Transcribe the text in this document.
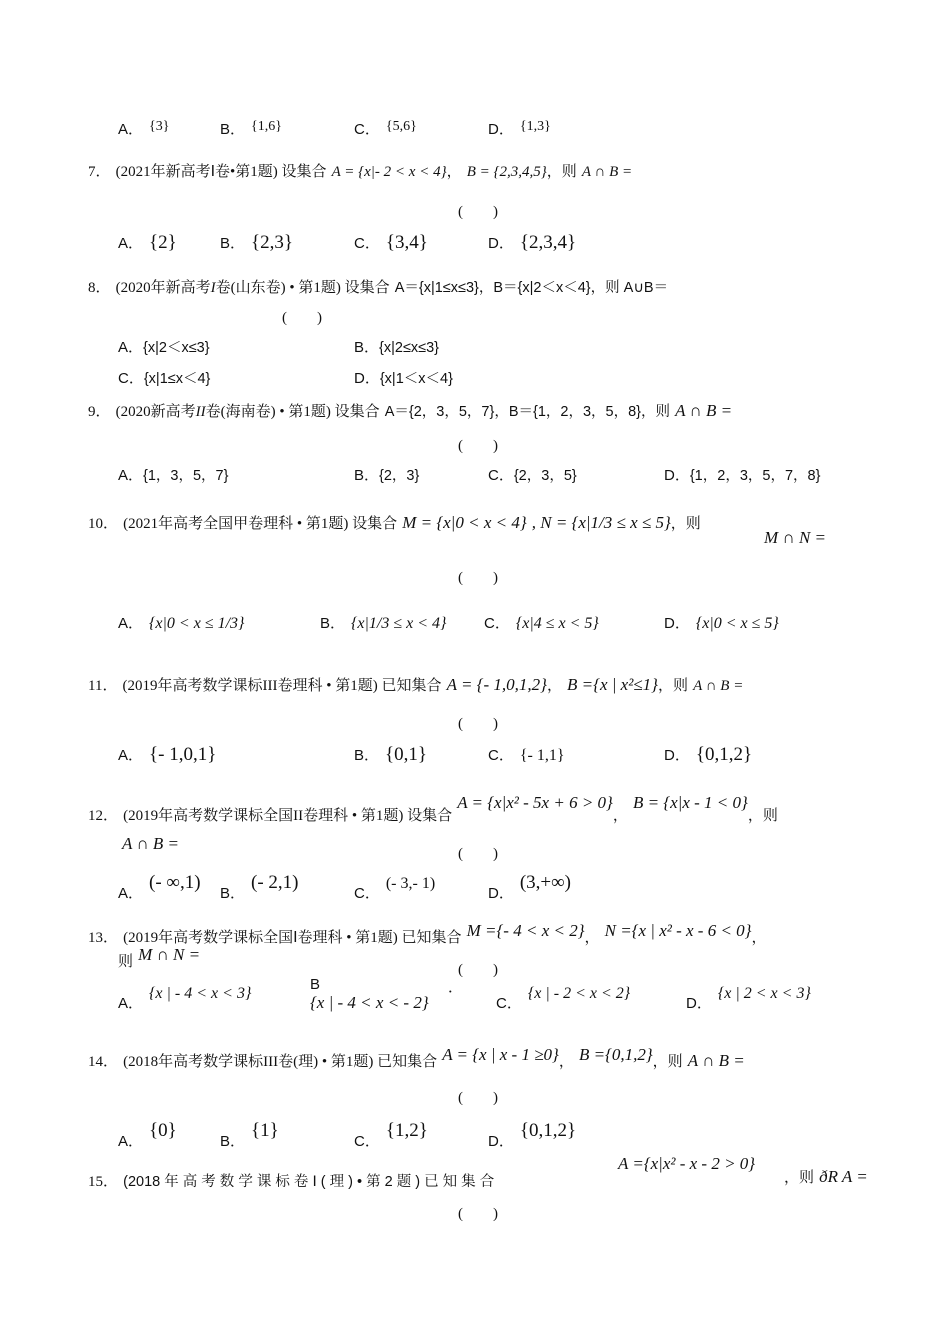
A． {3}	B． {1,6}	C． {5,6}	D． {1,3}
7． (2021年新高考Ⅰ卷•第1题) 设集合 A = {x|- 2 < x < 4}， B = {2,3,4,5}，则 A ∩ B =
(　　)
A． {2}	B． {2,3}	C． {3,4}	D． {2,3,4}
8． (2020年新高考I卷(山东卷) • 第1题) 设集合 A＝{x|1≤x≤3}，B＝{x|2＜x＜4}，则 A∪B＝
(　　)
A．{x|2＜x≤3}	B．{x|2≤x≤3}
C．{x|1≤x＜4}	D．{x|1＜x＜4}
9． (2020新高考II卷(海南卷) • 第1题) 设集合 A＝{2，3，5，7}，B＝{1，2，3，5，8}，则 A ∩ B =
(　　)
A．{1，3，5，7}	B．{2，3}	C．{2，3，5}	D．{1，2，3，5，7，8}
10． (2021年高考全国甲卷理科 • 第1题) 设集合 M = {x|0 < x < 4} , N = {x|1/3 ≤ x ≤ 5}，则
M ∩ N =
(　　)
A． {x|0 < x ≤ 1/3}	B． {x|1/3 ≤ x < 4}	C． {x|4 ≤ x < 5}	D． {x|0 < x ≤ 5}
11． (2019年高考数学课标III卷理科 • 第1题) 已知集合 A = {- 1,0,1,2}， B ={x | x²≤1}，则 A ∩ B =
(　　)
A． {- 1,0,1}	B． {0,1}	C． {- 1,1}	D． {0,1,2}
12． (2019年高考数学课标全国II卷理科 • 第1题) 设集合 A = {x|x² - 5x + 6 > 0}， B = {x|x - 1 < 0}，则
A ∩ B =
(　　)
A．(- ∞,1)
B．(- 2,1)
C．(- 3,- 1)
D．(3,+∞)
13． (2019年高考数学课标全国Ⅰ卷理科 • 第1题) 已知集合 M ={- 4 < x < 2}， N ={x | x² - x - 6 < 0}，
则 M ∩ N =
(　　)
A．{x | - 4 < x < 3}
B
{x | - 4 < x < - 2}
．
C．{x | - 2 < x < 2}
D．{x | 2 < x < 3}
14． (2018年高考数学课标III卷(理) • 第1题) 已知集合 A = {x | x - 1 ≥0}， B ={0,1,2}，则 A ∩ B =
(　　)
A．{0}
B．{1}
C．{1,2}
D．{0,1,2}
15． (2018 年 高 考 数 学 课 标 卷 Ⅰ ( 理 ) • 第 2 题 ) 已 知 集 合
A ={x|x² - x - 2 > 0}
，则 ðR A =
(　　)
